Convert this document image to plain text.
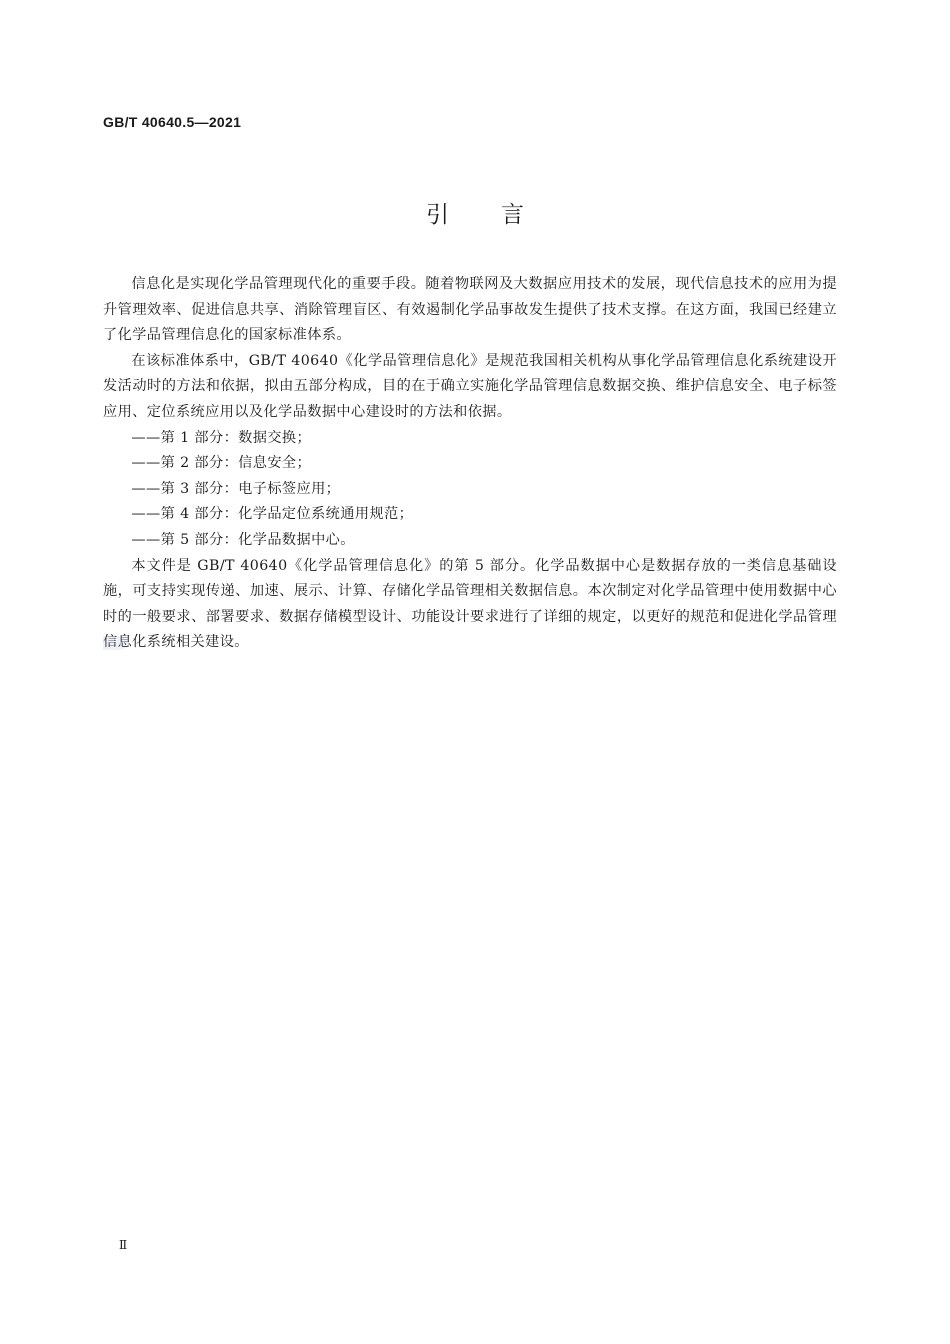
GB/T 40640.5—2021
引言

信息化是实现化学品管理现代化的重要手段。随着物联网及大数据应用技术的发展，现代信息技术的应用为提升管理效率、促进信息共享、消除管理盲区、有效遏制化学品事故发生提供了技术支撑。在这方面，我国已经建立了化学品管理信息化的国家标准体系。

在该标准体系中，GB/T 40640《化学品管理信息化》是规范我国相关机构从事化学品管理信息化系统建设开发活动时的方法和依据，拟由五部分构成，目的在于确立实施化学品管理信息数据交换、维护信息安全、电子标签应用、定位系统应用以及化学品数据中心建设时的方法和依据。

——第 1 部分：数据交换；
——第 2 部分：信息安全；
——第 3 部分：电子标签应用；
——第 4 部分：化学品定位系统通用规范；
——第 5 部分：化学品数据中心。

本文件是 GB/T 40640《化学品管理信息化》的第 5 部分。化学品数据中心是数据存放的一类信息基础设施，可支持实现传递、加速、展示、计算、存储化学品管理相关数据信息。本次制定对化学品管理中使用数据中心时的一般要求、部署要求、数据存储模型设计、功能设计要求进行了详细的规定，以更好的规范和促进化学品管理信息化系统相关建设。

Ⅱ
